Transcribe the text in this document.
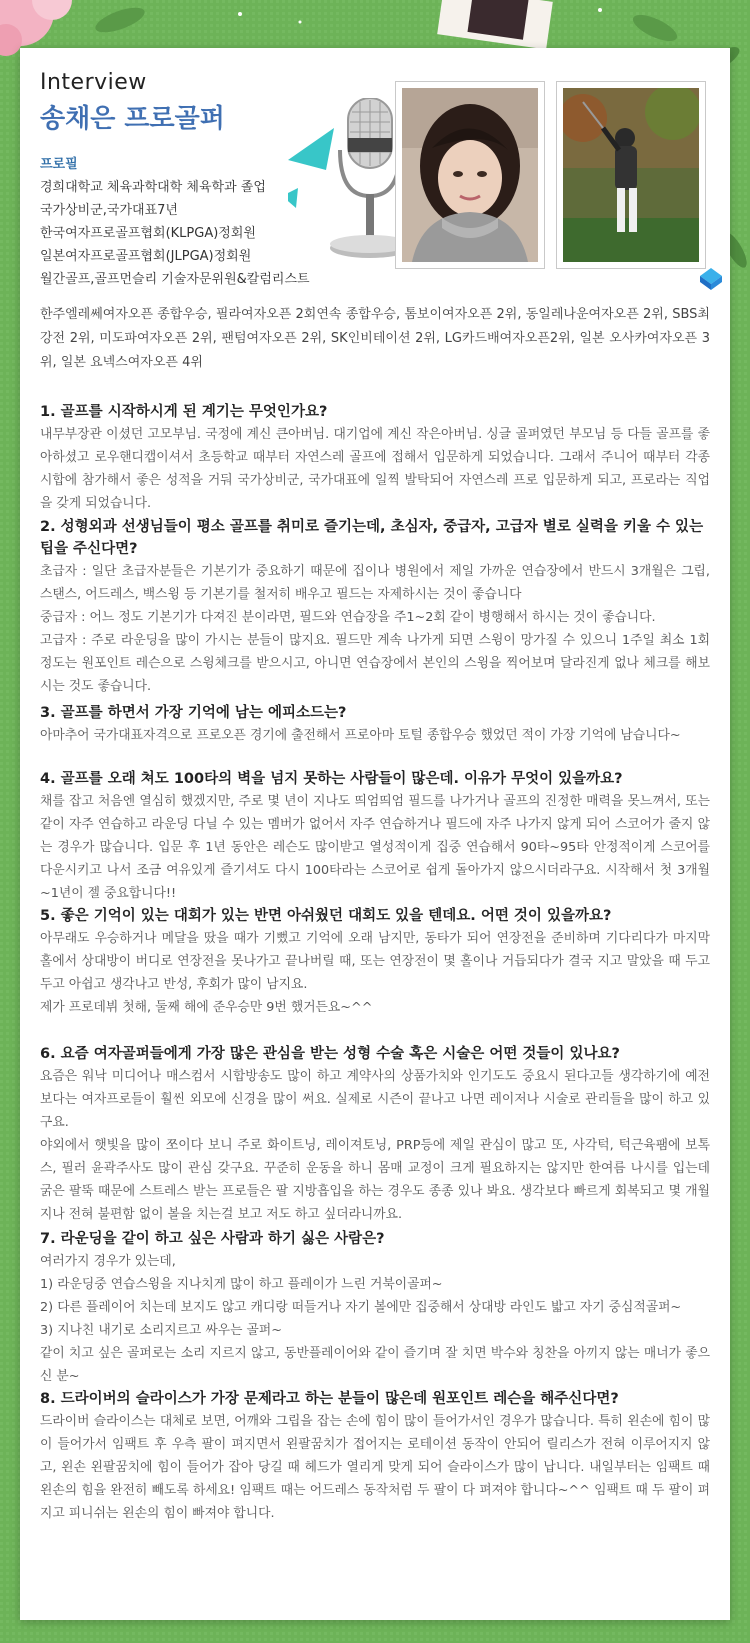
Interview
송채은 프로골퍼
프로필
경희대학교 체육과학대학 체육학과 졸업
국가상비군,국가대표7년
한국여자프로골프협회(KLPGA)정회원
일본여자프로골프협회(JLPGA)정회원
월간골프,골프먼슬리 기술자문위원&칼럼리스트

한주엘레쎄여자오픈 종합우승, 필라여자오픈 2회연속 종합우승, 톰보이여자오픈 2위, 동일레나운여자오픈 2위, SBS최강전 2위, 미도파여자오픈 2위, 팬텀여자오픈 2위, SK인비테이션 2위, LG카드배여자오픈2위, 일본 오사카여자오픈 3위, 일본 요넥스여자오픈 4위

1. 골프를 시작하시게 된 계기는 무엇인가요?

내무부장관 이셨던 고모부님. 국정에 계신 큰아버님. 대기업에 계신 작은아버님. 싱글 골퍼였던 부모님 등 다들 골프를 좋아하셨고 로우핸디캡이셔서 초등학교 때부터 자연스레 골프에 접해서 입문하게 되었습니다. 그래서 주니어 때부터 각종시합에 참가해서 좋은 성적을 거둬 국가상비군, 국가대표에 일찍 발탁되어 자연스레 프로 입문하게 되고, 프로라는 직업을 갖게 되었습니다.

2. 성형외과 선생님들이 평소 골프를 취미로 즐기는데, 초심자, 중급자, 고급자 별로 실력을 키울 수 있는 팁을 주신다면?

초급자 : 일단 초급자분들은 기본기가 중요하기 때문에 집이나 병원에서 제일 가까운 연습장에서 반드시 3개월은 그립, 스탠스, 어드레스, 백스윙 등 기본기를 철저히 배우고 필드는 자제하시는 것이 좋습니다

중급자 : 어느 정도 기본기가 다져진 분이라면, 필드와 연습장을 주1~2회 같이 병행해서 하시는 것이 좋습니다.

고급자 : 주로 라운딩을 많이 가시는 분들이 많지요. 필드만 계속 나가게 되면 스윙이 망가질 수 있으니 1주일 최소 1회 정도는 원포인트 레슨으로 스윙체크를 받으시고, 아니면 연습장에서 본인의 스윙을 찍어보며 달라진게 없나 체크를 해보시는 것도 좋습니다.

3. 골프를 하면서 가장 기억에 남는 에피소드는?

아마추어 국가대표자격으로 프로오픈 경기에 출전해서 프로아마 토털 종합우승 했었던 적이 가장 기억에 남습니다~

4. 골프를 오래 쳐도 100타의 벽을 넘지 못하는 사람들이 많은데. 이유가 무엇이 있을까요?

채를 잡고 처음엔 열심히 했겠지만, 주로 몇 년이 지나도 띄엄띄엄 필드를 나가거나 골프의 진정한 매력을 못느껴서, 또는 같이 자주 연습하고 라운딩 다닐 수 있는 멤버가 없어서 자주 연습하거나 필드에 자주 나가지 않게 되어 스코어가 줄지 않는 경우가 많습니다. 입문 후 1년 동안은 레슨도 많이받고 열성적이게 집중 연습해서 90타~95타 안정적이게 스코어를 다운시키고 나서 조금 여유있게 즐기셔도 다시 100타라는 스코어로 쉽게 돌아가지 않으시더라구요. 시작해서 첫 3개월~1년이 젤 중요합니다!!

5. 좋은 기억이 있는 대회가 있는 반면 아쉬웠던 대회도 있을 텐데요. 어떤 것이 있을까요?

아무래도 우승하거나 메달을 땄을 때가 기뻤고 기억에 오래 남지만, 동타가 되어 연장전을 준비하며 기다리다가 마지막 홀에서 상대방이 버디로 연장전을 못나가고 끝나버릴 때, 또는 연장전이 몇 홀이나 거듭되다가 결국 지고 말았을 때 두고두고 아쉽고 생각나고 반성, 후회가 많이 남지요.

제가 프로데뷔 첫해, 둘째 해에 준우승만 9번 했거든요~^^

6. 요즘 여자골퍼들에게 가장 많은 관심을 받는 성형 수술 혹은 시술은 어떤 것들이 있나요?

요즘은 워낙 미디어나 매스컴서 시합방송도 많이 하고 계약사의 상품가치와 인기도도 중요시 된다고들 생각하기에 예전보다는 여자프로들이 훨씬 외모에 신경을 많이 써요. 실제로 시즌이 끝나고 나면 레이저나 시술로 관리들을 많이 하고 있구요.

야외에서 햇빛을 많이 쪼이다 보니 주로 화이트닝, 레이져토닝, PRP등에 제일 관심이 많고 또, 사각턱, 턱근육팸에 보톡스, 필러 윤곽주사도 많이 관심 갖구요. 꾸준히 운동을 하니 몸매 교정이 크게 필요하지는 않지만 한여름 나시를 입는데 굵은 팔뚝 때문에 스트레스 받는 프로들은 팔 지방흡입을 하는 경우도 종종 있나 봐요. 생각보다 빠르게 회복되고 몇 개월 지나 전혀 불편함 없이 볼을 치는걸 보고 저도 하고 싶더라니까요.

7. 라운딩을 같이 하고 싶은 사람과 하기 싫은 사람은?

여러가지 경우가 있는데,

1) 라운딩중 연습스윙을 지나치게 많이 하고 플레이가 느린 거북이골퍼~

2) 다른 플레이어 치는데 보지도 않고 캐디랑 떠들거나 자기 볼에만 집중해서 상대방 라인도 밟고 자기 중심적골퍼~

3) 지나친 내기로 소리지르고 싸우는 골퍼~

같이 치고 싶은 골퍼로는 소리 지르지 않고, 동반플레이어와 같이 즐기며 잘 치면 박수와 칭찬을 아끼지 않는 매너가 좋으신 분~

8. 드라이버의 슬라이스가 가장 문제라고 하는 분들이 많은데 원포인트 레슨을 해주신다면?

드라이버 슬라이스는 대체로 보면, 어깨와 그립을 잡는 손에 힘이 많이 들어가서인 경우가 많습니다. 특히 왼손에 힘이 많이 들어가서 임팩트 후 우측 팔이 펴지면서 왼팔꿈치가 접어지는 로테이션 동작이 안되어 릴리스가 전혀 이루어지지 않고, 왼손 왼팔꿈치에 힘이 들어가 잡아 당길 때 헤드가 열리게 맞게 되어 슬라이스가 많이 납니다. 내일부터는 임팩트 때 왼손의 힘을 완전히 빼도록 하세요! 임팩트 때는 어드레스 동작처럼 두 팔이 다 펴져야 합니다~^^ 임팩트 때 두 팔이 펴지고 피니쉬는 왼손의 힘이 빠져야 합니다.
